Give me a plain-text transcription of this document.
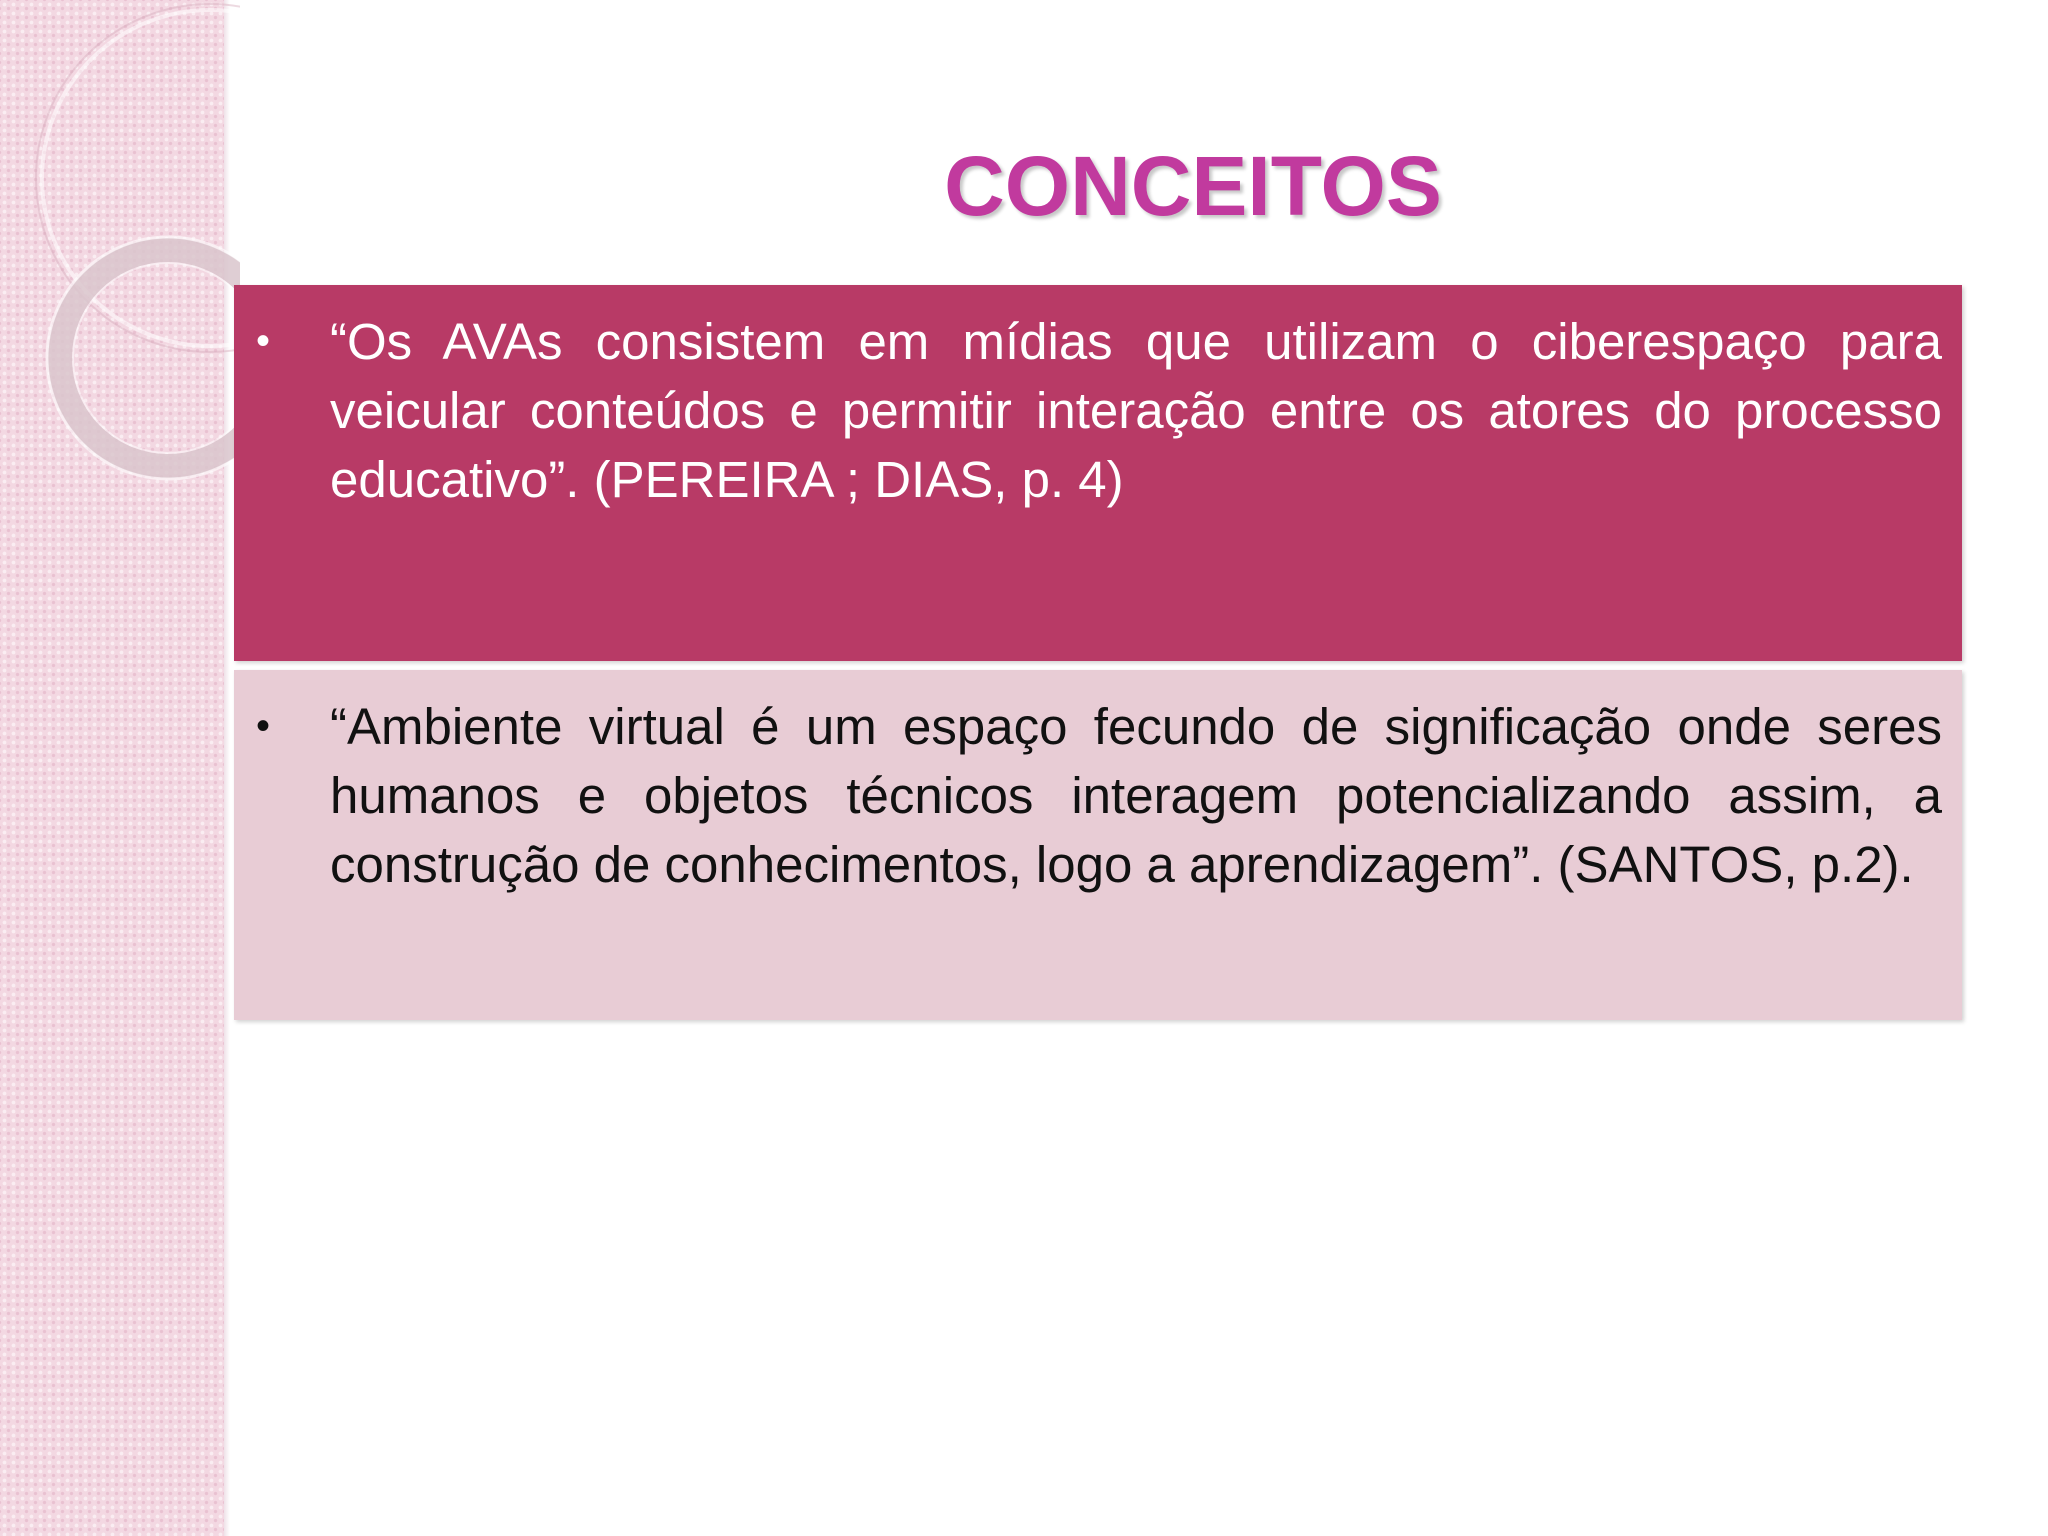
CONCEITOS
•	“Os AVAs consistem em mídias que utilizam o ciberespaço para veicular conteúdos e permitir interação entre os atores do processo educativo”. (PEREIRA ; DIAS, p. 4)

•	“Ambiente virtual é um espaço fecundo de significação onde seres humanos e objetos técnicos interagem potencializando assim, a construção de conhecimentos, logo a aprendizagem”. (SANTOS, p.2).
